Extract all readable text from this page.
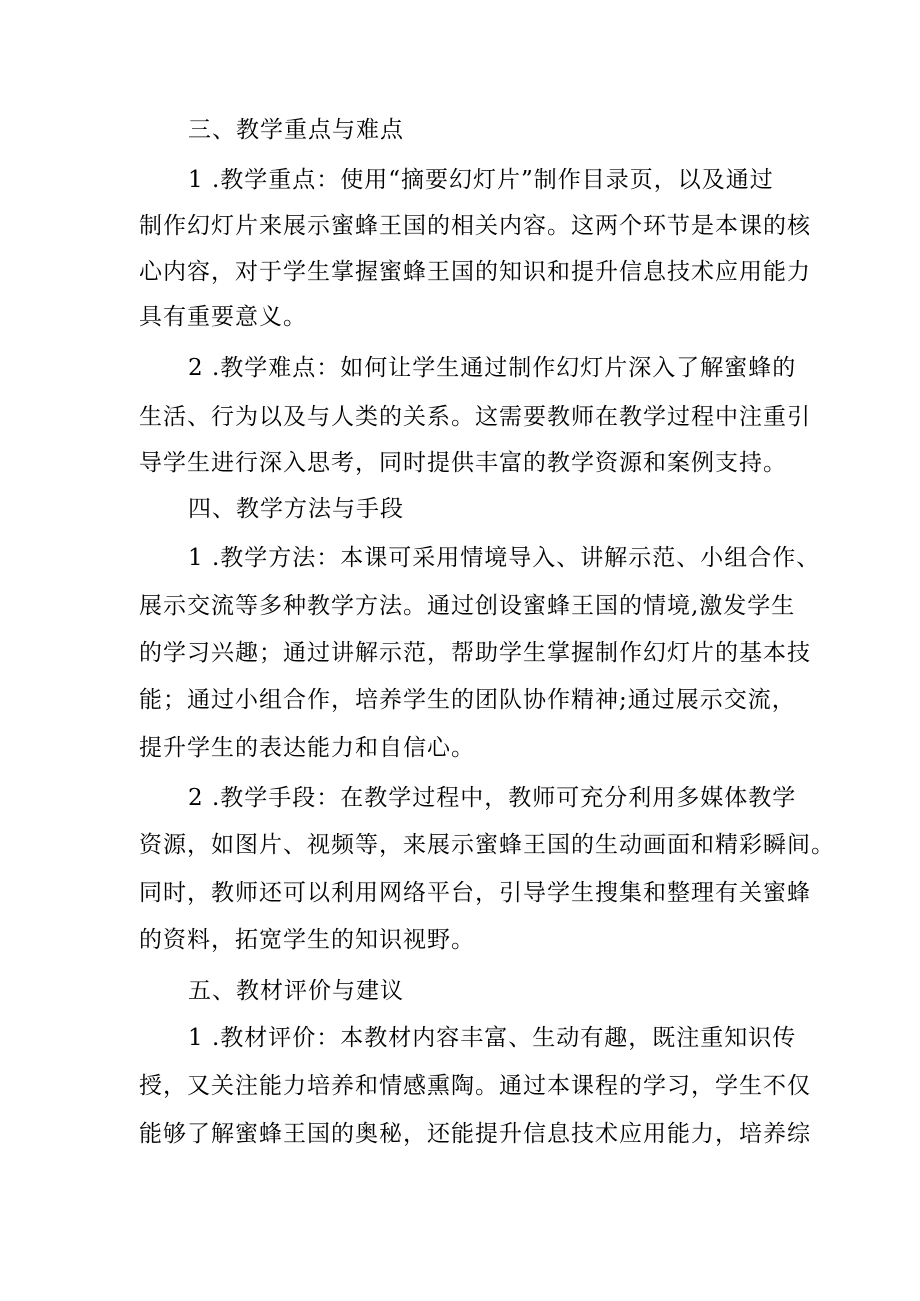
三、教学重点与难点
1 .教学重点：使用“摘要幻灯片”制作目录页，以及通过
制作幻灯片来展示蜜蜂王国的相关内容。这两个环节是本课的核
心内容，对于学生掌握蜜蜂王国的知识和提升信息技术应用能力
具有重要意义。
2 .教学难点：如何让学生通过制作幻灯片深入了解蜜蜂的
生活、行为以及与人类的关系。这需要教师在教学过程中注重引
导学生进行深入思考，同时提供丰富的教学资源和案例支持。
四、教学方法与手段
1 .教学方法：本课可采用情境导入、讲解示范、小组合作、
展示交流等多种教学方法。通过创设蜜蜂王国的情境,激发学生
的学习兴趣；通过讲解示范，帮助学生掌握制作幻灯片的基本技
能；通过小组合作，培养学生的团队协作精神;通过展示交流，
提升学生的表达能力和自信心。
2 .教学手段：在教学过程中，教师可充分利用多媒体教学
资源，如图片、视频等，来展示蜜蜂王国的生动画面和精彩瞬间。
同时，教师还可以利用网络平台，引导学生搜集和整理有关蜜蜂
的资料，拓宽学生的知识视野。
五、教材评价与建议
1 .教材评价：本教材内容丰富、生动有趣，既注重知识传
授，又关注能力培养和情感熏陶。通过本课程的学习，学生不仅
能够了解蜜蜂王国的奥秘，还能提升信息技术应用能力，培养综
